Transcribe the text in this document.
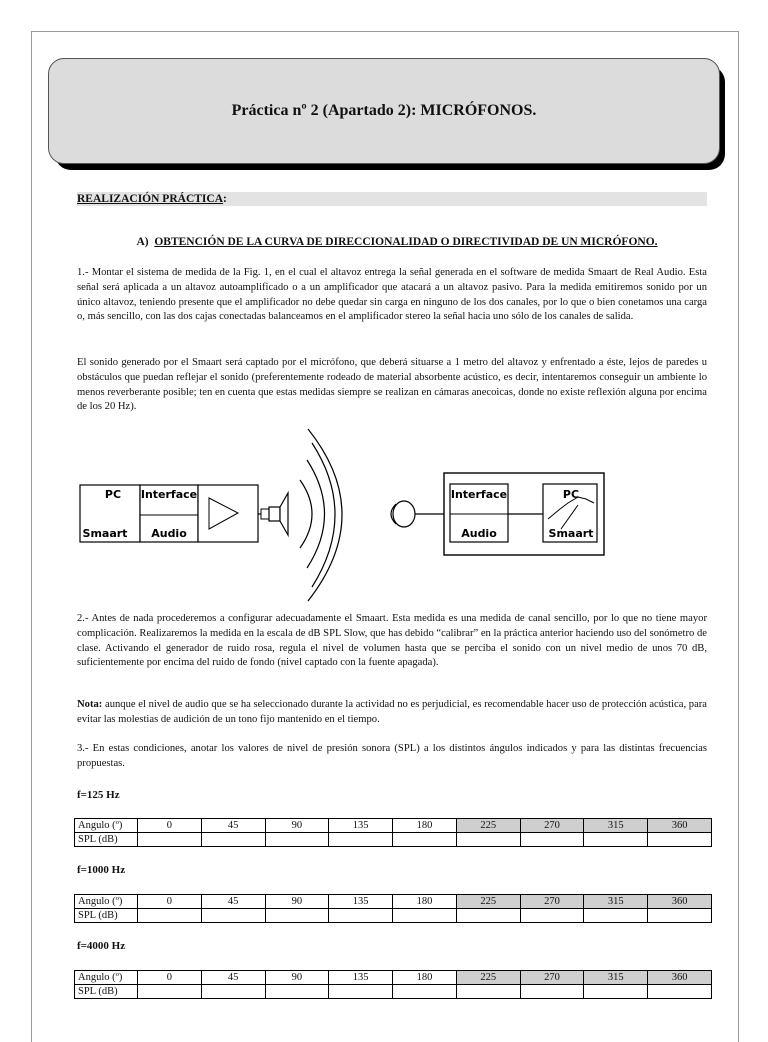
Práctica nº 2 (Apartado 2): MICRÓFONOS.
REALIZACIÓN PRÁCTICA:
A) OBTENCIÓN DE LA CURVA DE DIRECCIONALIDAD O DIRECTIVIDAD DE UN MICRÓFONO.

1.- Montar el sistema de medida de la Fig. 1, en el cual el altavoz entrega la señal generada en el software de medida Smaart de Real Audio. Esta señal será aplicada a un altavoz autoamplificado o a un amplificador que atacará a un altavoz pasivo. Para la medida emitiremos sonido por un único altavoz, teniendo presente que el amplificador no debe quedar sin carga en ninguno de los dos canales, por lo que o bien conetamos una carga o, más sencillo, con las dos cajas conectadas balanceamos en el amplificador stereo la señal hacia uno sólo de los canales de salida.

El sonido generado por el Smaart será captado por el micrófono, que deberá situarse a 1 metro del altavoz y enfrentado a éste, lejos de paredes u obstáculos que puedan reflejar el sonido (preferentemente rodeado de material absorbente acústico, es decir, intentaremos conseguir un ambiente lo menos reverberante posible; ten en cuenta que estas medidas siempre se realizan en cámaras anecoicas, donde no existe reflexión alguna por encima de los 20 Hz).

PC
Smaart
Interface
Audio
Interface
Audio
PC
Smaart

2.- Antes de nada procederemos a configurar adecuadamente el Smaart. Esta medida es una medida de canal sencillo, por lo que no tiene mayor complicación. Realizaremos la medida en la escala de dB SPL Slow, que has debido “calibrar” en la práctica anterior haciendo uso del sonómetro de clase. Activando el generador de ruido rosa, regula el nivel de volumen hasta que se perciba el sonido con un nivel medio de unos 70 dB, suficientemente por encima del ruido de fondo (nivel captado con la fuente apagada).

Nota: aunque el nivel de audio que se ha seleccionado durante la actividad no es perjudicial, es recomendable hacer uso de protección acústica, para evitar las molestias de audición de un tono fijo mantenido en el tiempo.

3.- En estas condiciones, anotar los valores de nivel de presión sonora (SPL) a los distintos ángulos indicados y para las distintas frecuencias propuestas.

f=125 Hz
Angulo (º)	0	45	90	135	180	225	270	315	360
SPL (dB)									
f=1000 Hz
Angulo (º)	0	45	90	135	180	225	270	315	360
SPL (dB)									
f=4000 Hz
Angulo (º)	0	45	90	135	180	225	270	315	360
SPL (dB)									
